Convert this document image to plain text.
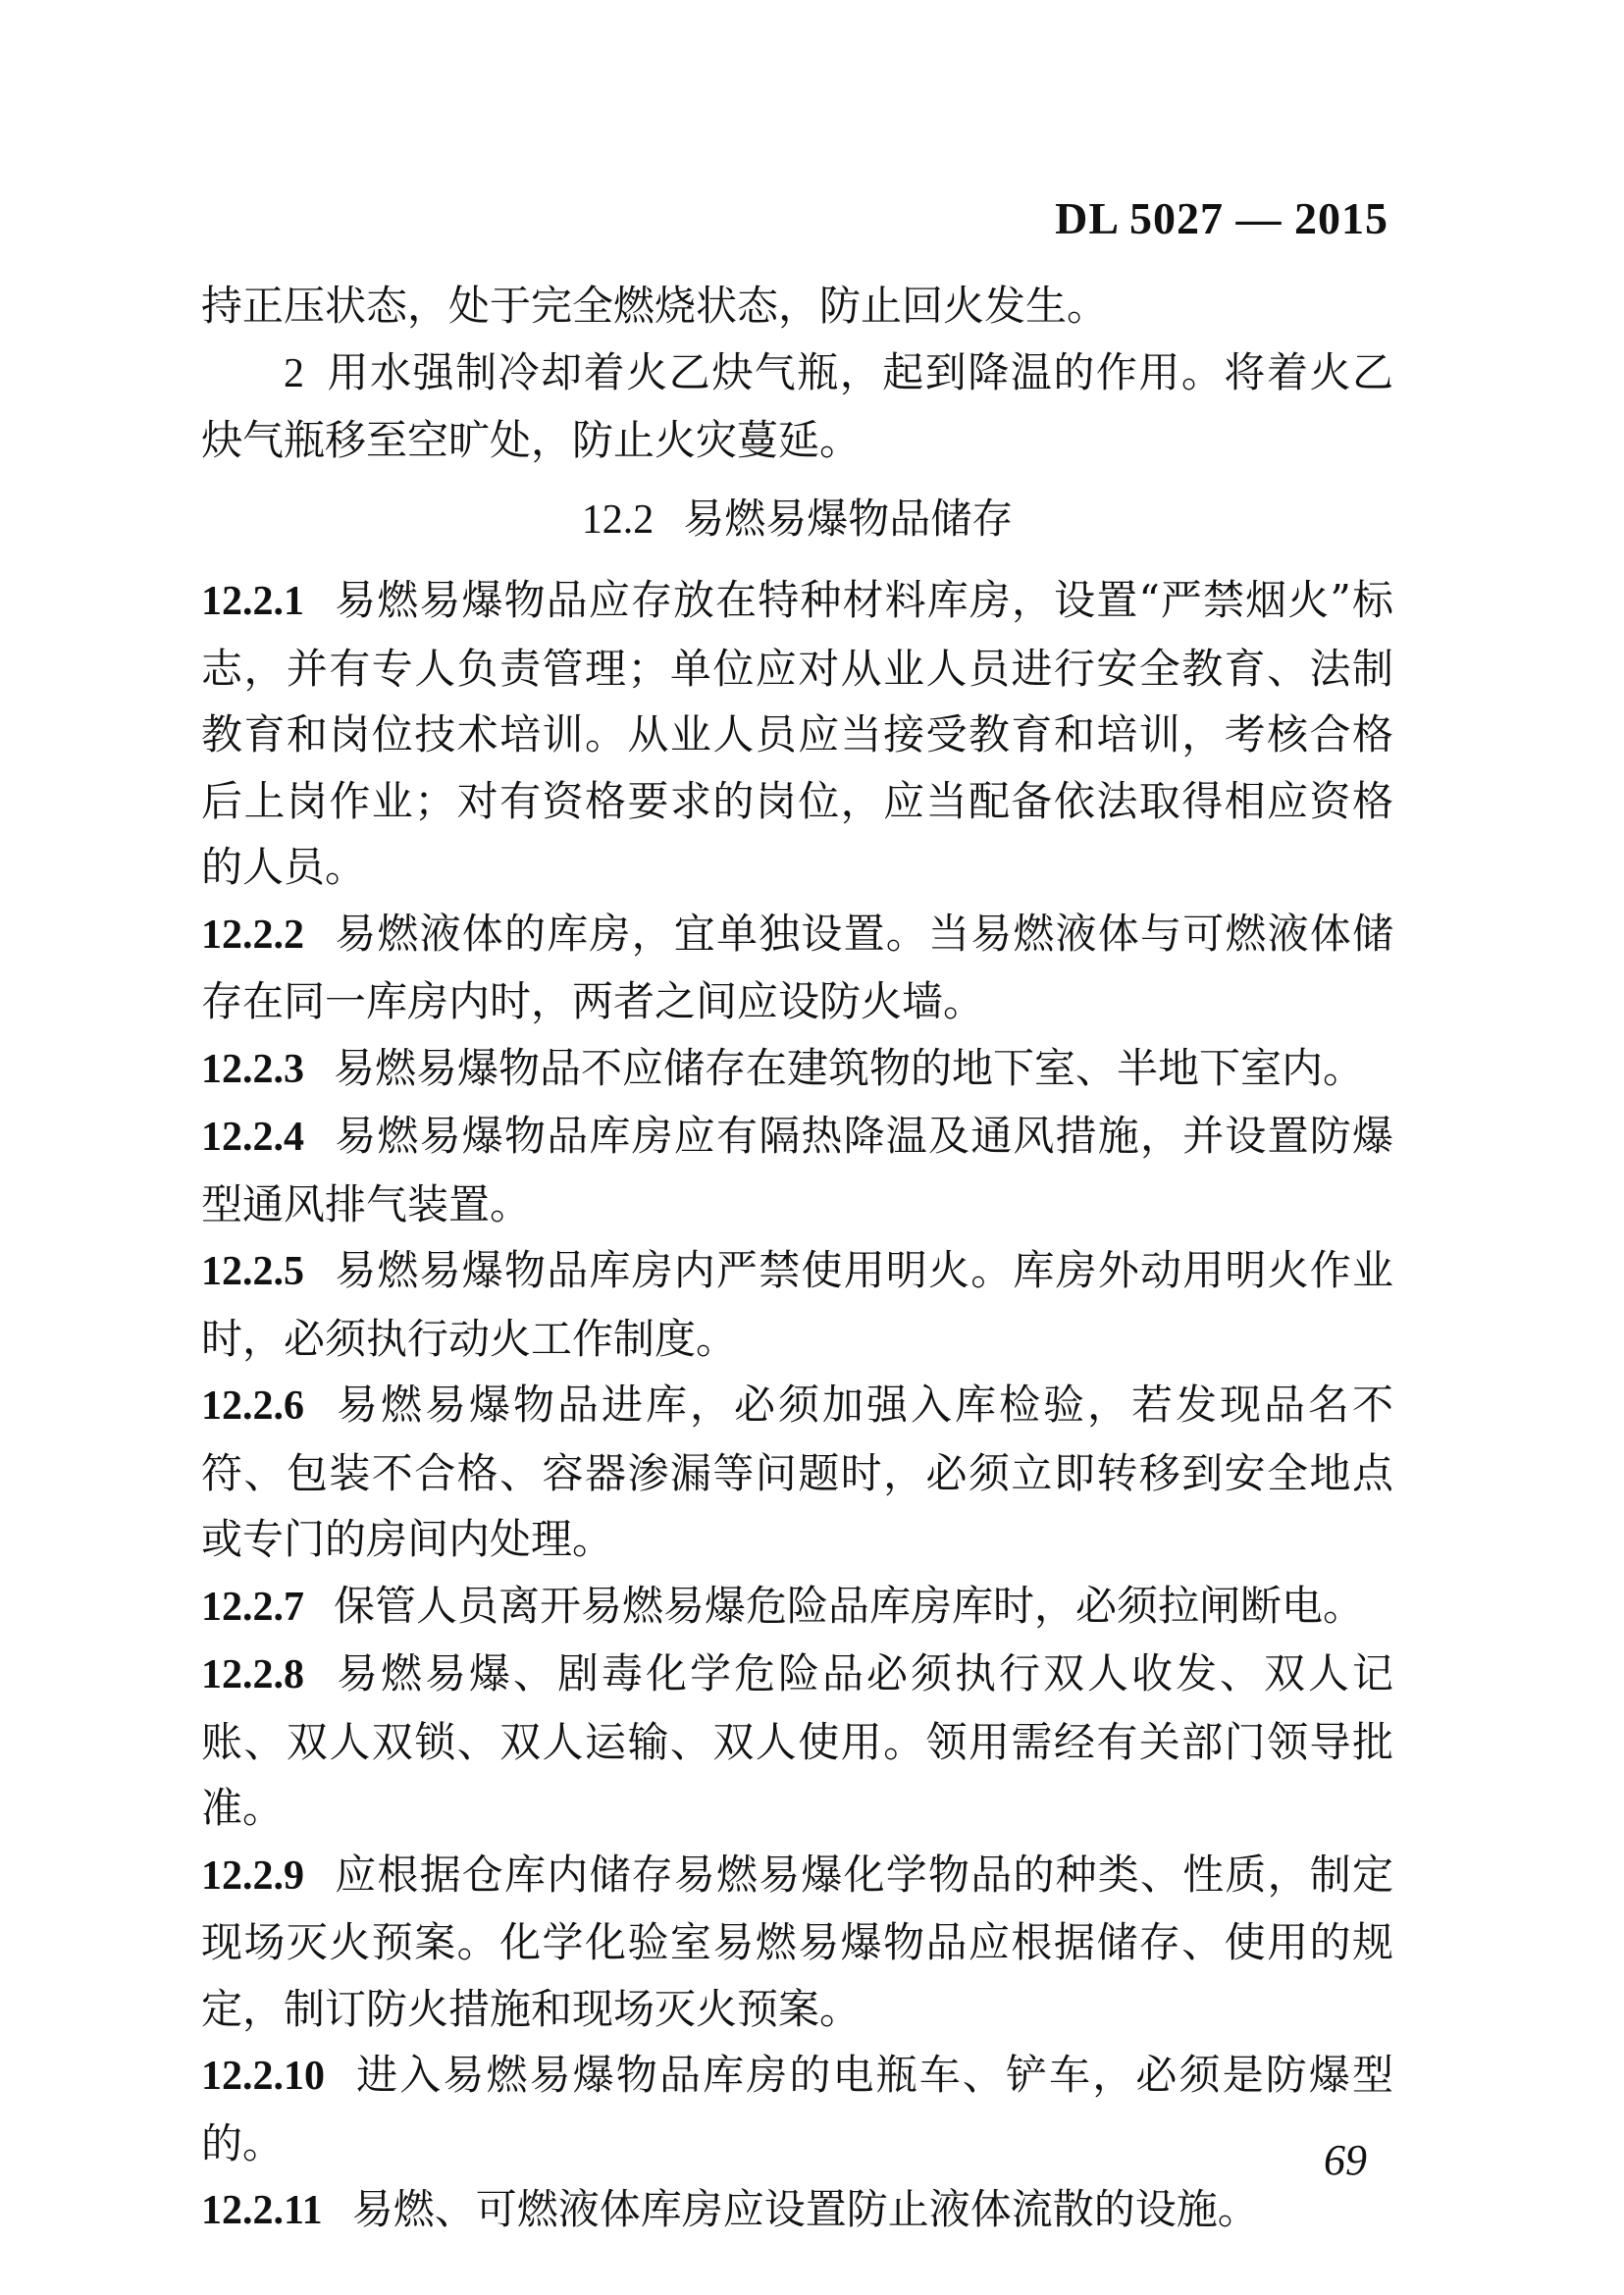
DL 5027 — 2015

持正压状态，处于完全燃烧状态，防止回火发生。

2 用水强制冷却着火乙炔气瓶，起到降温的作用。将着火乙炔气瓶移至空旷处，防止火灾蔓延。

12.2 易燃易爆物品储存

12.2.1 易燃易爆物品应存放在特种材料库房，设置“严禁烟火”标志，并有专人负责管理；单位应对从业人员进行安全教育、法制教育和岗位技术培训。从业人员应当接受教育和培训，考核合格后上岗作业；对有资格要求的岗位，应当配备依法取得相应资格的人员。

12.2.2 易燃液体的库房，宜单独设置。当易燃液体与可燃液体储存在同一库房内时，两者之间应设防火墙。

12.2.3 易燃易爆物品不应储存在建筑物的地下室、半地下室内。

12.2.4 易燃易爆物品库房应有隔热降温及通风措施，并设置防爆型通风排气装置。

12.2.5 易燃易爆物品库房内严禁使用明火。库房外动用明火作业时，必须执行动火工作制度。

12.2.6 易燃易爆物品进库，必须加强入库检验，若发现品名不符、包装不合格、容器渗漏等问题时，必须立即转移到安全地点或专门的房间内处理。

12.2.7 保管人员离开易燃易爆危险品库房库时，必须拉闸断电。

12.2.8 易燃易爆、剧毒化学危险品必须执行双人收发、双人记账、双人双锁、双人运输、双人使用。领用需经有关部门领导批准。

12.2.9 应根据仓库内储存易燃易爆化学物品的种类、性质，制定现场灭火预案。化学化验室易燃易爆物品应根据储存、使用的规定，制订防火措施和现场灭火预案。

12.2.10 进入易燃易爆物品库房的电瓶车、铲车，必须是防爆型的。

12.2.11 易燃、可燃液体库房应设置防止液体流散的设施。

69
